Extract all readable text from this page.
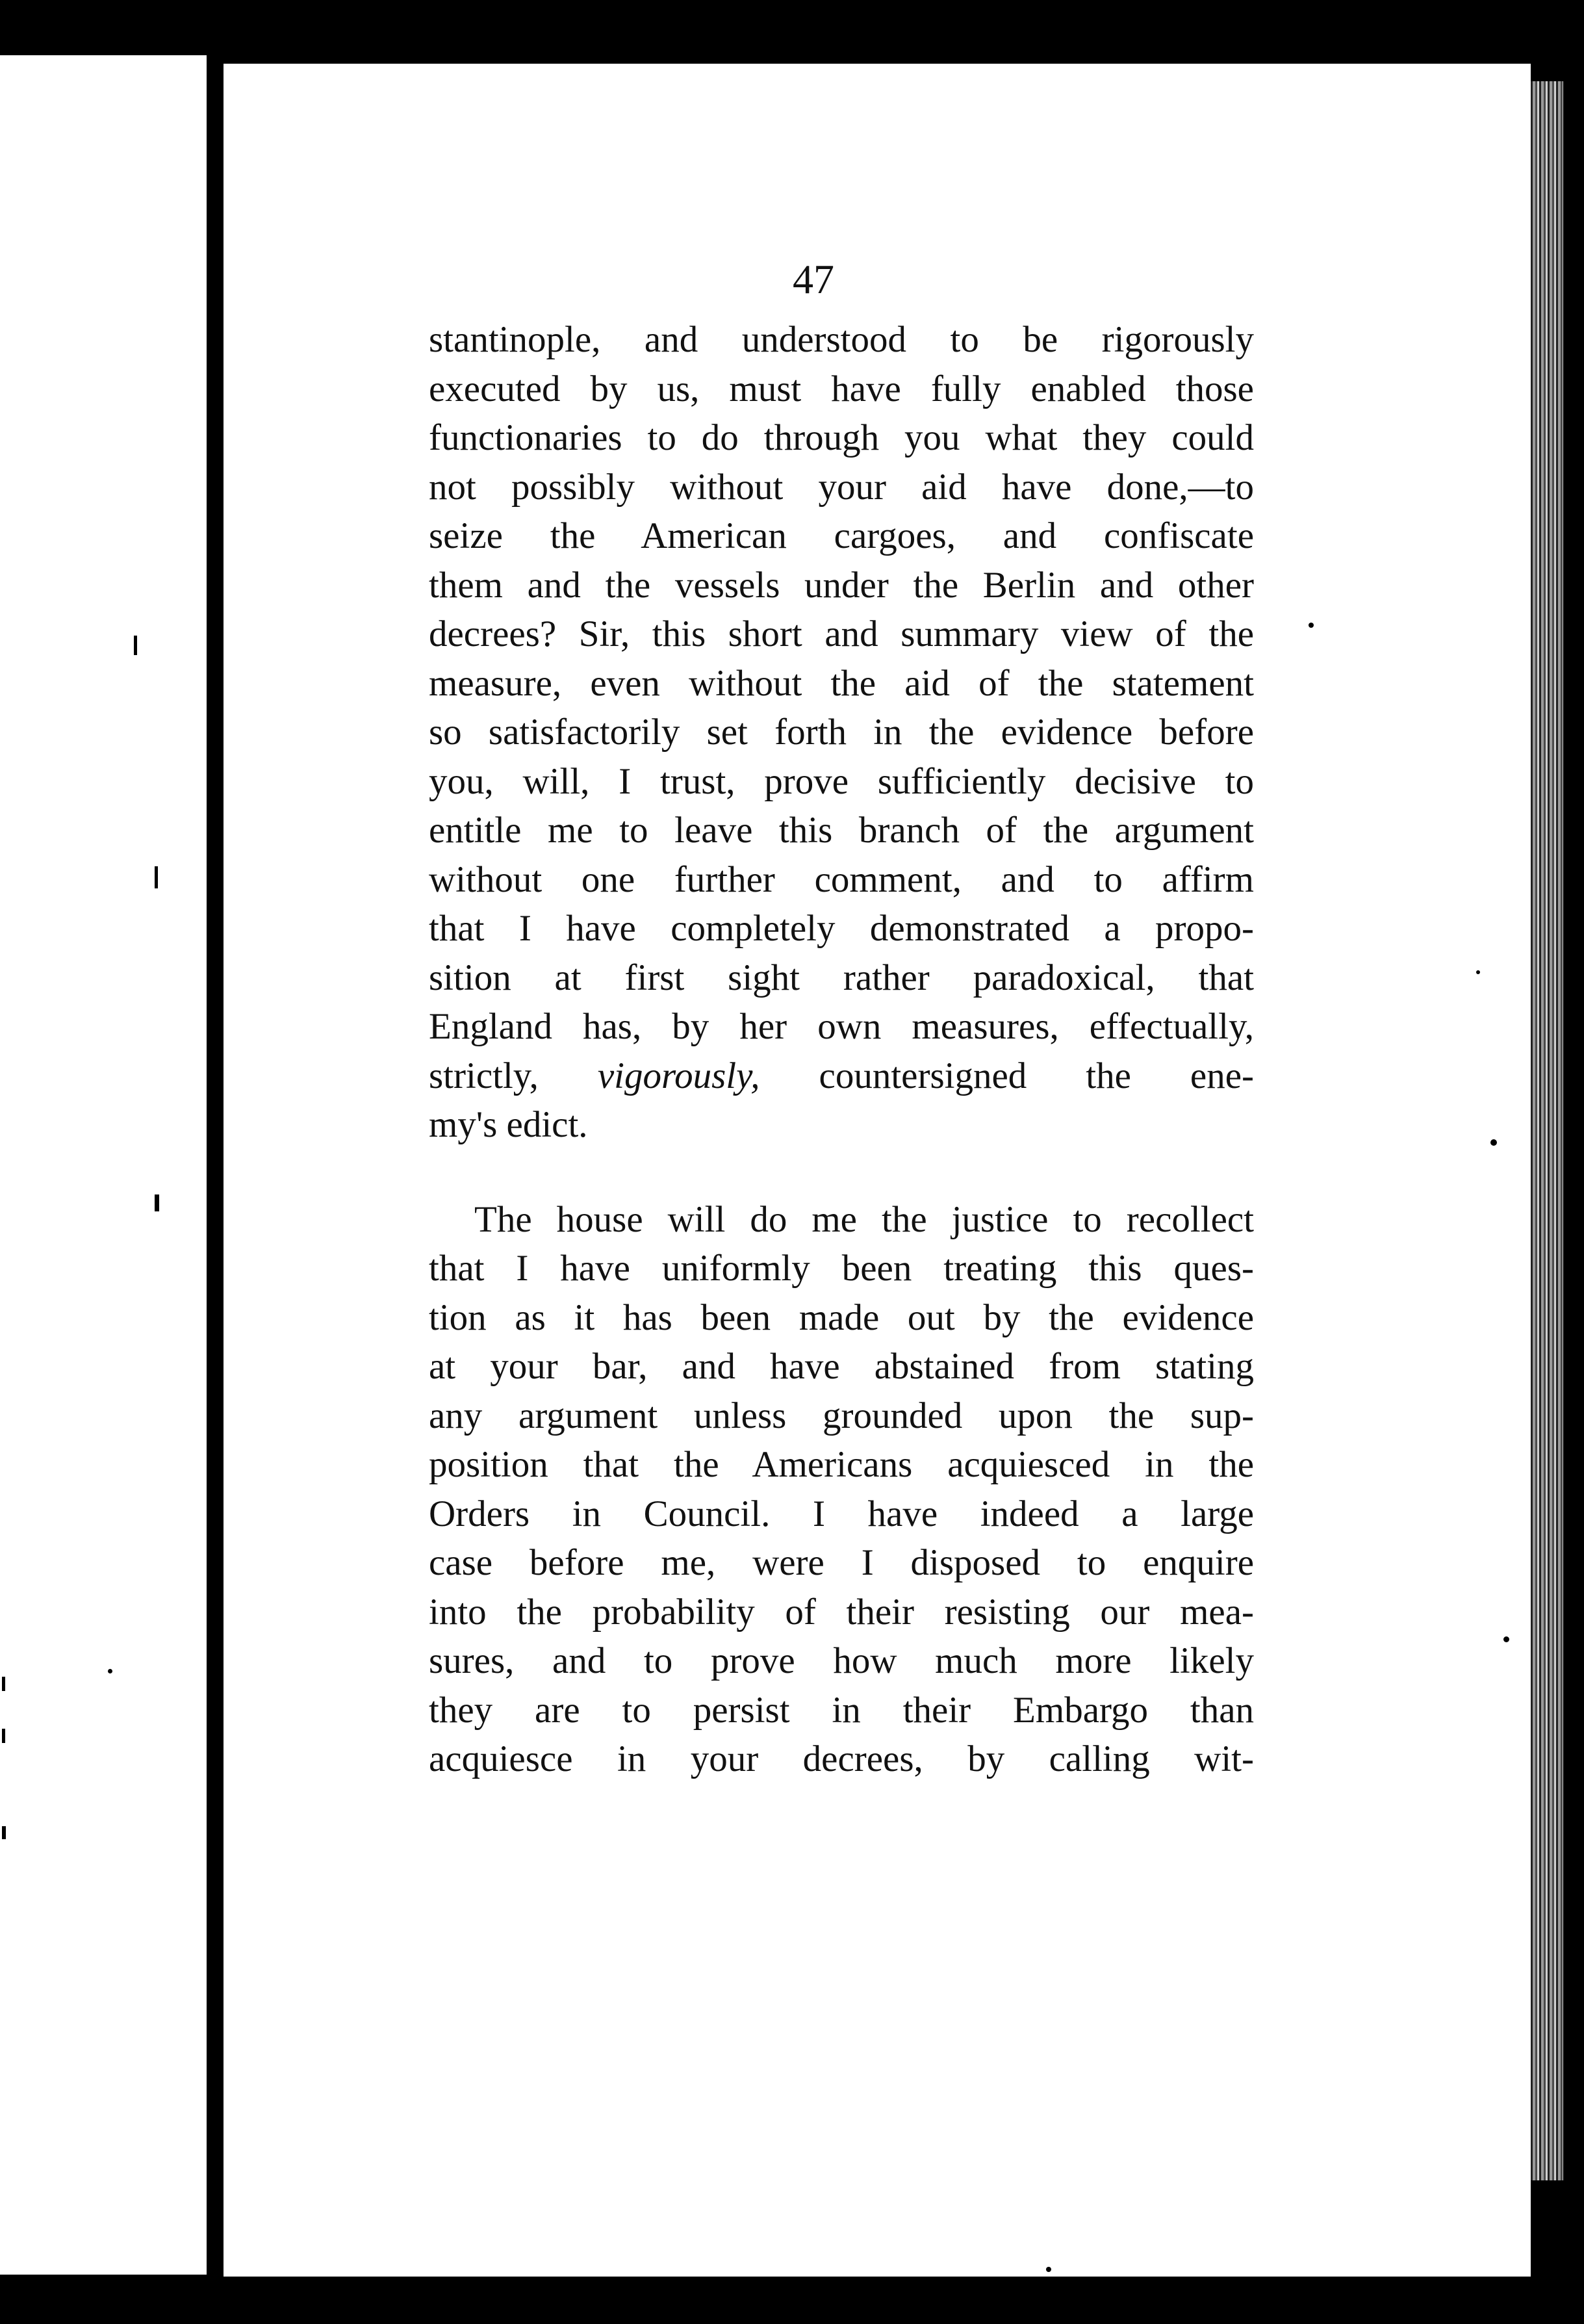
47
stantinople, and understood to be rigorously
executed by us, must have fully enabled those
functionaries to do through you what they could
not possibly without your aid have done,—to
seize the American cargoes, and confiscate
them and the vessels under the Berlin and other
decrees? Sir, this short and summary view of the
measure, even without the aid of the statement
so satisfactorily set forth in the evidence before
you, will, I trust, prove sufficiently decisive to
entitle me to leave this branch of the argument
without one further comment, and to affirm
that I have completely demonstrated a propo-
sition at first sight rather paradoxical, that
England has, by her own measures, effectually,
strictly, vigorously, countersigned the ene-
my's edict.
The house will do me the justice to recollect
that I have uniformly been treating this ques-
tion as it has been made out by the evidence
at your bar, and have abstained from stating
any argument unless grounded upon the sup-
position that the Americans acquiesced in the
Orders in Council. I have indeed a large
case before me, were I disposed to enquire
into the probability of their resisting our mea-
sures, and to prove how much more likely
they are to persist in their Embargo than
acquiesce in your decrees, by calling wit-
